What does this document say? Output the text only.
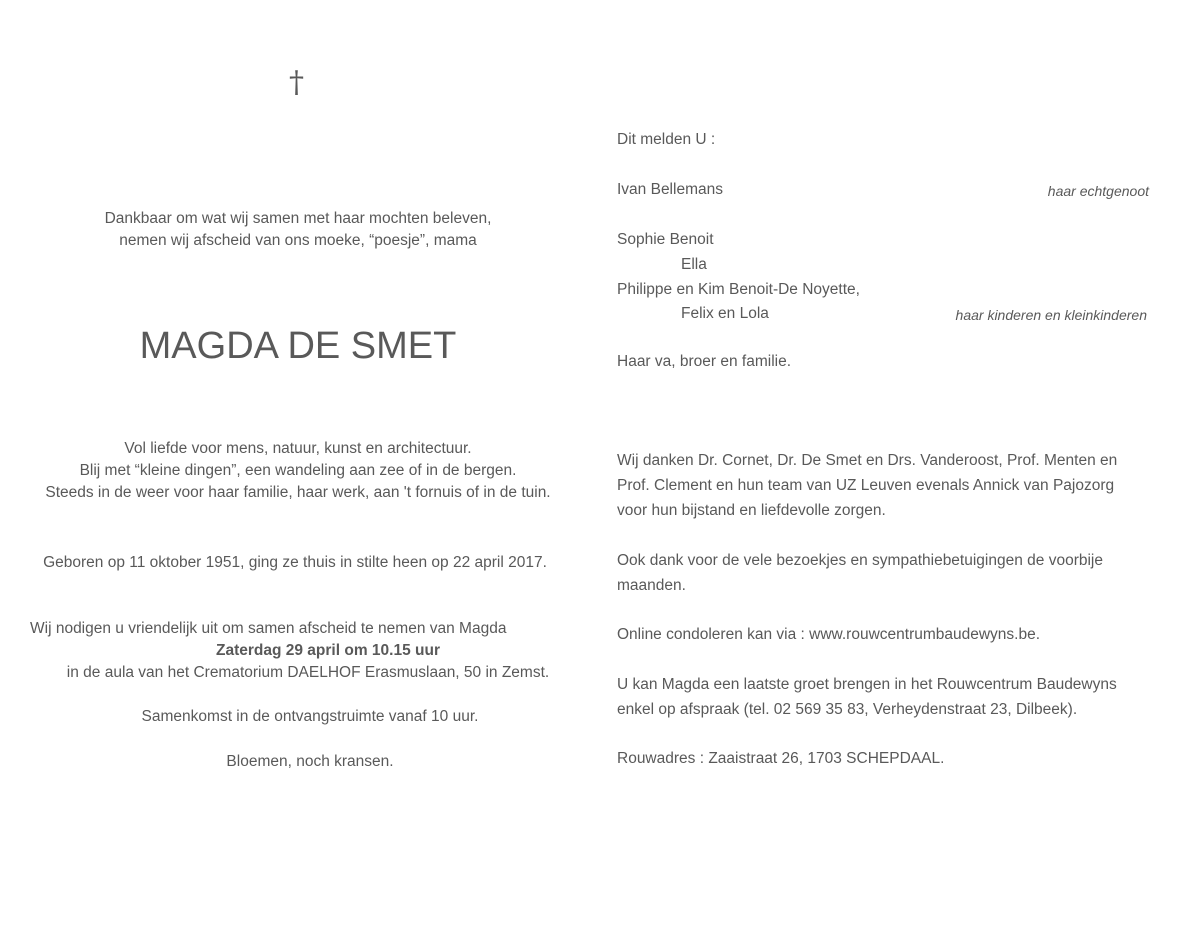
†
Dankbaar om wat wij samen met haar mochten beleven,
nemen wij afscheid van ons moeke, “poesje”, mama
MAGDA DE SMET
Vol liefde voor mens, natuur, kunst en architectuur.
Blij met “kleine dingen”, een wandeling aan zee of in de bergen.
Steeds in de weer voor haar familie, haar werk, aan 't fornuis of in de tuin.
Geboren op 11 oktober 1951, ging ze thuis in stilte heen op 22 april 2017.
Wij nodigen u vriendelijk uit om samen afscheid te nemen van Magda
Zaterdag 29 april om 10.15 uur
in de aula van het Crematorium DAELHOF Erasmuslaan, 50 in Zemst.
Samenkomst in de ontvangstruimte vanaf 10 uur.
Bloemen, noch kransen.
Dit melden U :
Ivan Bellemans	haar echtgenoot
Sophie Benoit
Ella
Philippe en Kim Benoit-De Noyette,
Felix en Lola	haar kinderen en kleinkinderen
Haar va, broer en familie.
Wij danken Dr. Cornet, Dr. De Smet en Drs. Vanderoost, Prof. Menten en
Prof. Clement en hun team van UZ Leuven evenals Annick van Pajozorg
voor hun bijstand en liefdevolle zorgen.
Ook dank voor de vele bezoekjes en sympathiebetuigingen de voorbije
maanden.
Online condoleren kan via : www.rouwcentrumbaudewyns.be.
U kan Magda een laatste groet brengen in het Rouwcentrum Baudewyns
enkel op afspraak (tel. 02 569 35 83, Verheydenstraat 23, Dilbeek).
Rouwadres : Zaaistraat 26, 1703 SCHEPDAAL.
